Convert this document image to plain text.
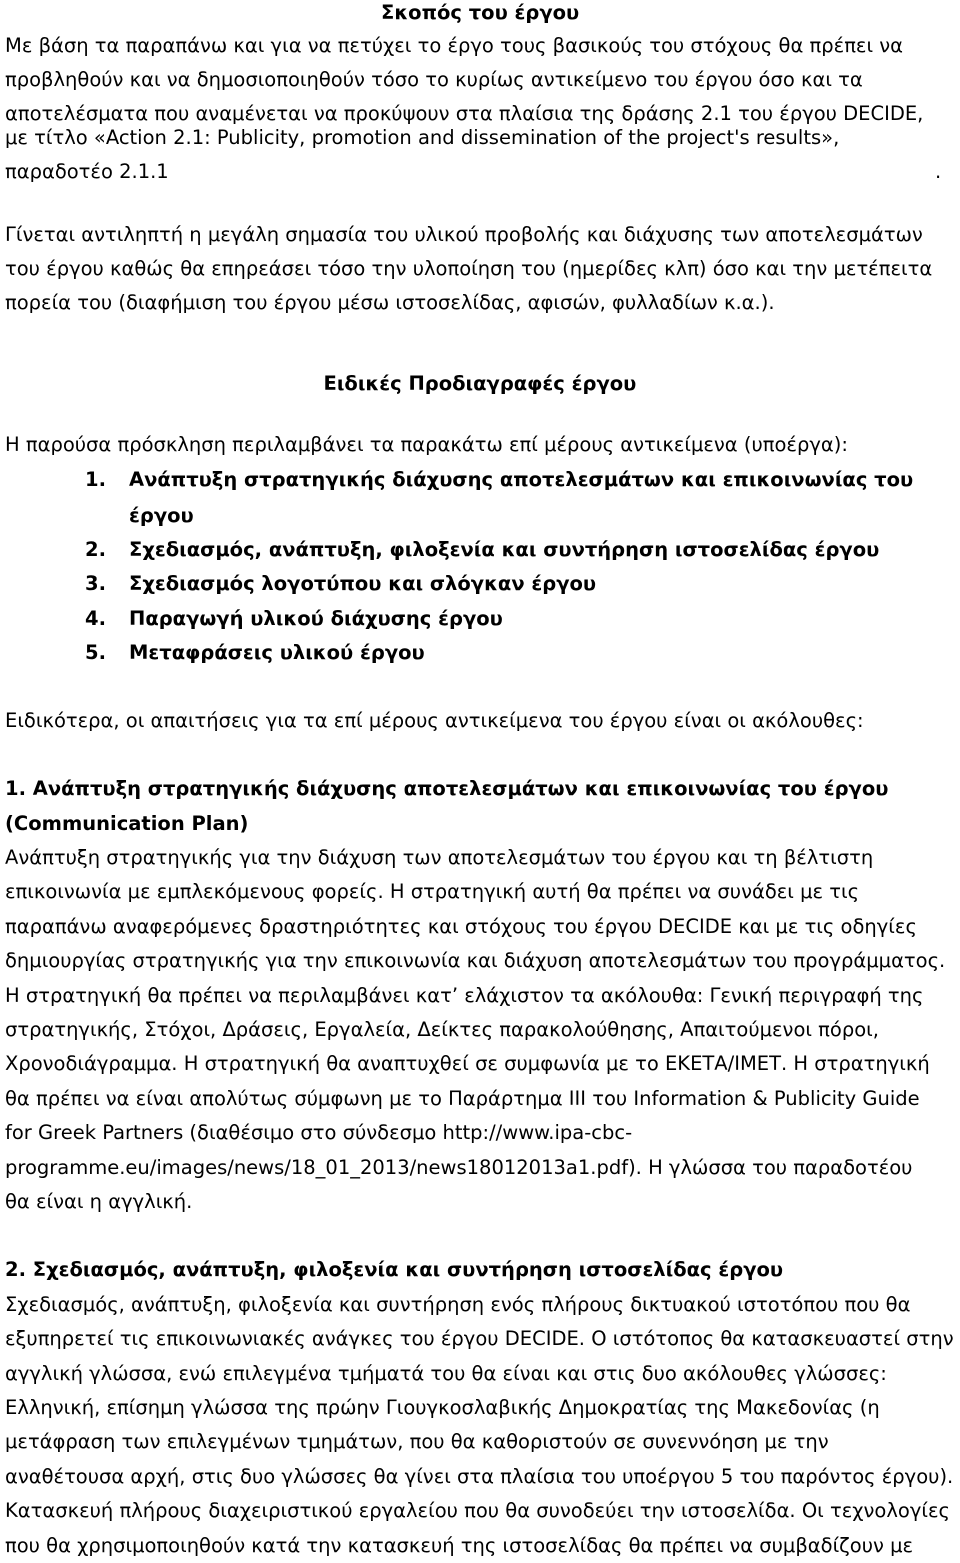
Σκοπός του έργου
Με βάση τα παραπάνω και για να πετύχει το έργο τους βασικούς του στόχους θα πρέπει να
προβληθούν και να δημοσιοποιηθούν τόσο το κυρίως αντικείμενο του έργου όσο και τα
αποτελέσματα που αναμένεται να προκύψουν στα πλαίσια της δράσης 2.1 του έργου DECIDE,
με τίτλο «Action 2.1: Publicity, promotion and dissemination of the project's results»,
παραδοτέο 2.1.1	.
Γίνεται αντιληπτή η μεγάλη σημασία του υλικού προβολής και διάχυσης των αποτελεσμάτων
του έργου καθώς θα επηρεάσει τόσο την υλοποίηση του (ημερίδες κλπ) όσο και την μετέπειτα
πορεία του (διαφήμιση του έργου μέσω ιστοσελίδας, αφισών, φυλλαδίων κ.α.).
Ειδικές Προδιαγραφές έργου
Η παρούσα πρόσκληση περιλαμβάνει τα παρακάτω επί μέρους αντικείμενα (υποέργα):
1. Ανάπτυξη στρατηγικής διάχυσης αποτελεσμάτων και επικοινωνίας του
έργου
2. Σχεδιασμός, ανάπτυξη, φιλοξενία και συντήρηση ιστοσελίδας έργου
3. Σχεδιασμός λογοτύπου και σλόγκαν έργου
4. Παραγωγή υλικού διάχυσης έργου
5. Μεταφράσεις υλικού έργου
Ειδικότερα, οι απαιτήσεις για τα επί μέρους αντικείμενα του έργου είναι οι ακόλουθες:
1. Ανάπτυξη στρατηγικής διάχυσης αποτελεσμάτων και επικοινωνίας του έργου
(Communication Plan)
Ανάπτυξη στρατηγικής για την διάχυση των αποτελεσμάτων του έργου και τη βέλτιστη
επικοινωνία με εμπλεκόμενους φορείς. Η στρατηγική αυτή θα πρέπει να συνάδει με τις
παραπάνω αναφερόμενες δραστηριότητες και στόχους του έργου DECIDE και με τις οδηγίες
δημιουργίας στρατηγικής για την επικοινωνία και διάχυση αποτελεσμάτων του προγράμματος.
Η στρατηγική θα πρέπει να περιλαμβάνει κατ’ ελάχιστον τα ακόλουθα: Γενική περιγραφή της
στρατηγικής, Στόχοι, Δράσεις, Εργαλεία, Δείκτες παρακολούθησης, Απαιτούμενοι πόροι,
Χρονοδιάγραμμα. Η στρατηγική θα αναπτυχθεί σε συμφωνία με το ΕΚΕΤΑ/ΙΜΕΤ. Η στρατηγική
θα πρέπει να είναι απολύτως σύμφωνη με το Παράρτημα ΙΙΙ του Information & Publicity Guide
for Greek Partners (διαθέσιμο στο σύνδεσμο http://www.ipa-cbc-
programme.eu/images/news/18_01_2013/news18012013a1.pdf). Η γλώσσα του παραδοτέου
θα είναι η αγγλική.
2. Σχεδιασμός, ανάπτυξη, φιλοξενία και συντήρηση ιστοσελίδας έργου
Σχεδιασμός, ανάπτυξη, φιλοξενία και συντήρηση ενός πλήρους δικτυακού ιστοτόπου που θα
εξυπηρετεί τις επικοινωνιακές ανάγκες του έργου DECIDE. Ο ιστότοπος θα κατασκευαστεί στην
αγγλική γλώσσα, ενώ επιλεγμένα τμήματά του θα είναι και στις δυο ακόλουθες γλώσσες:
Ελληνική, επίσημη γλώσσα της πρώην Γιουγκοσλαβικής Δημοκρατίας της Μακεδονίας (η
μετάφραση των επιλεγμένων τμημάτων, που θα καθοριστούν σε συνεννόηση με την
αναθέτουσα αρχή, στις δυο γλώσσες θα γίνει στα πλαίσια του υποέργου 5 του παρόντος έργου).
Κατασκευή πλήρους διαχειριστικού εργαλείου που θα συνοδεύει την ιστοσελίδα. Οι τεχνολογίες
που θα χρησιμοποιηθούν κατά την κατασκευή της ιστοσελίδας θα πρέπει να συμβαδίζουν με
